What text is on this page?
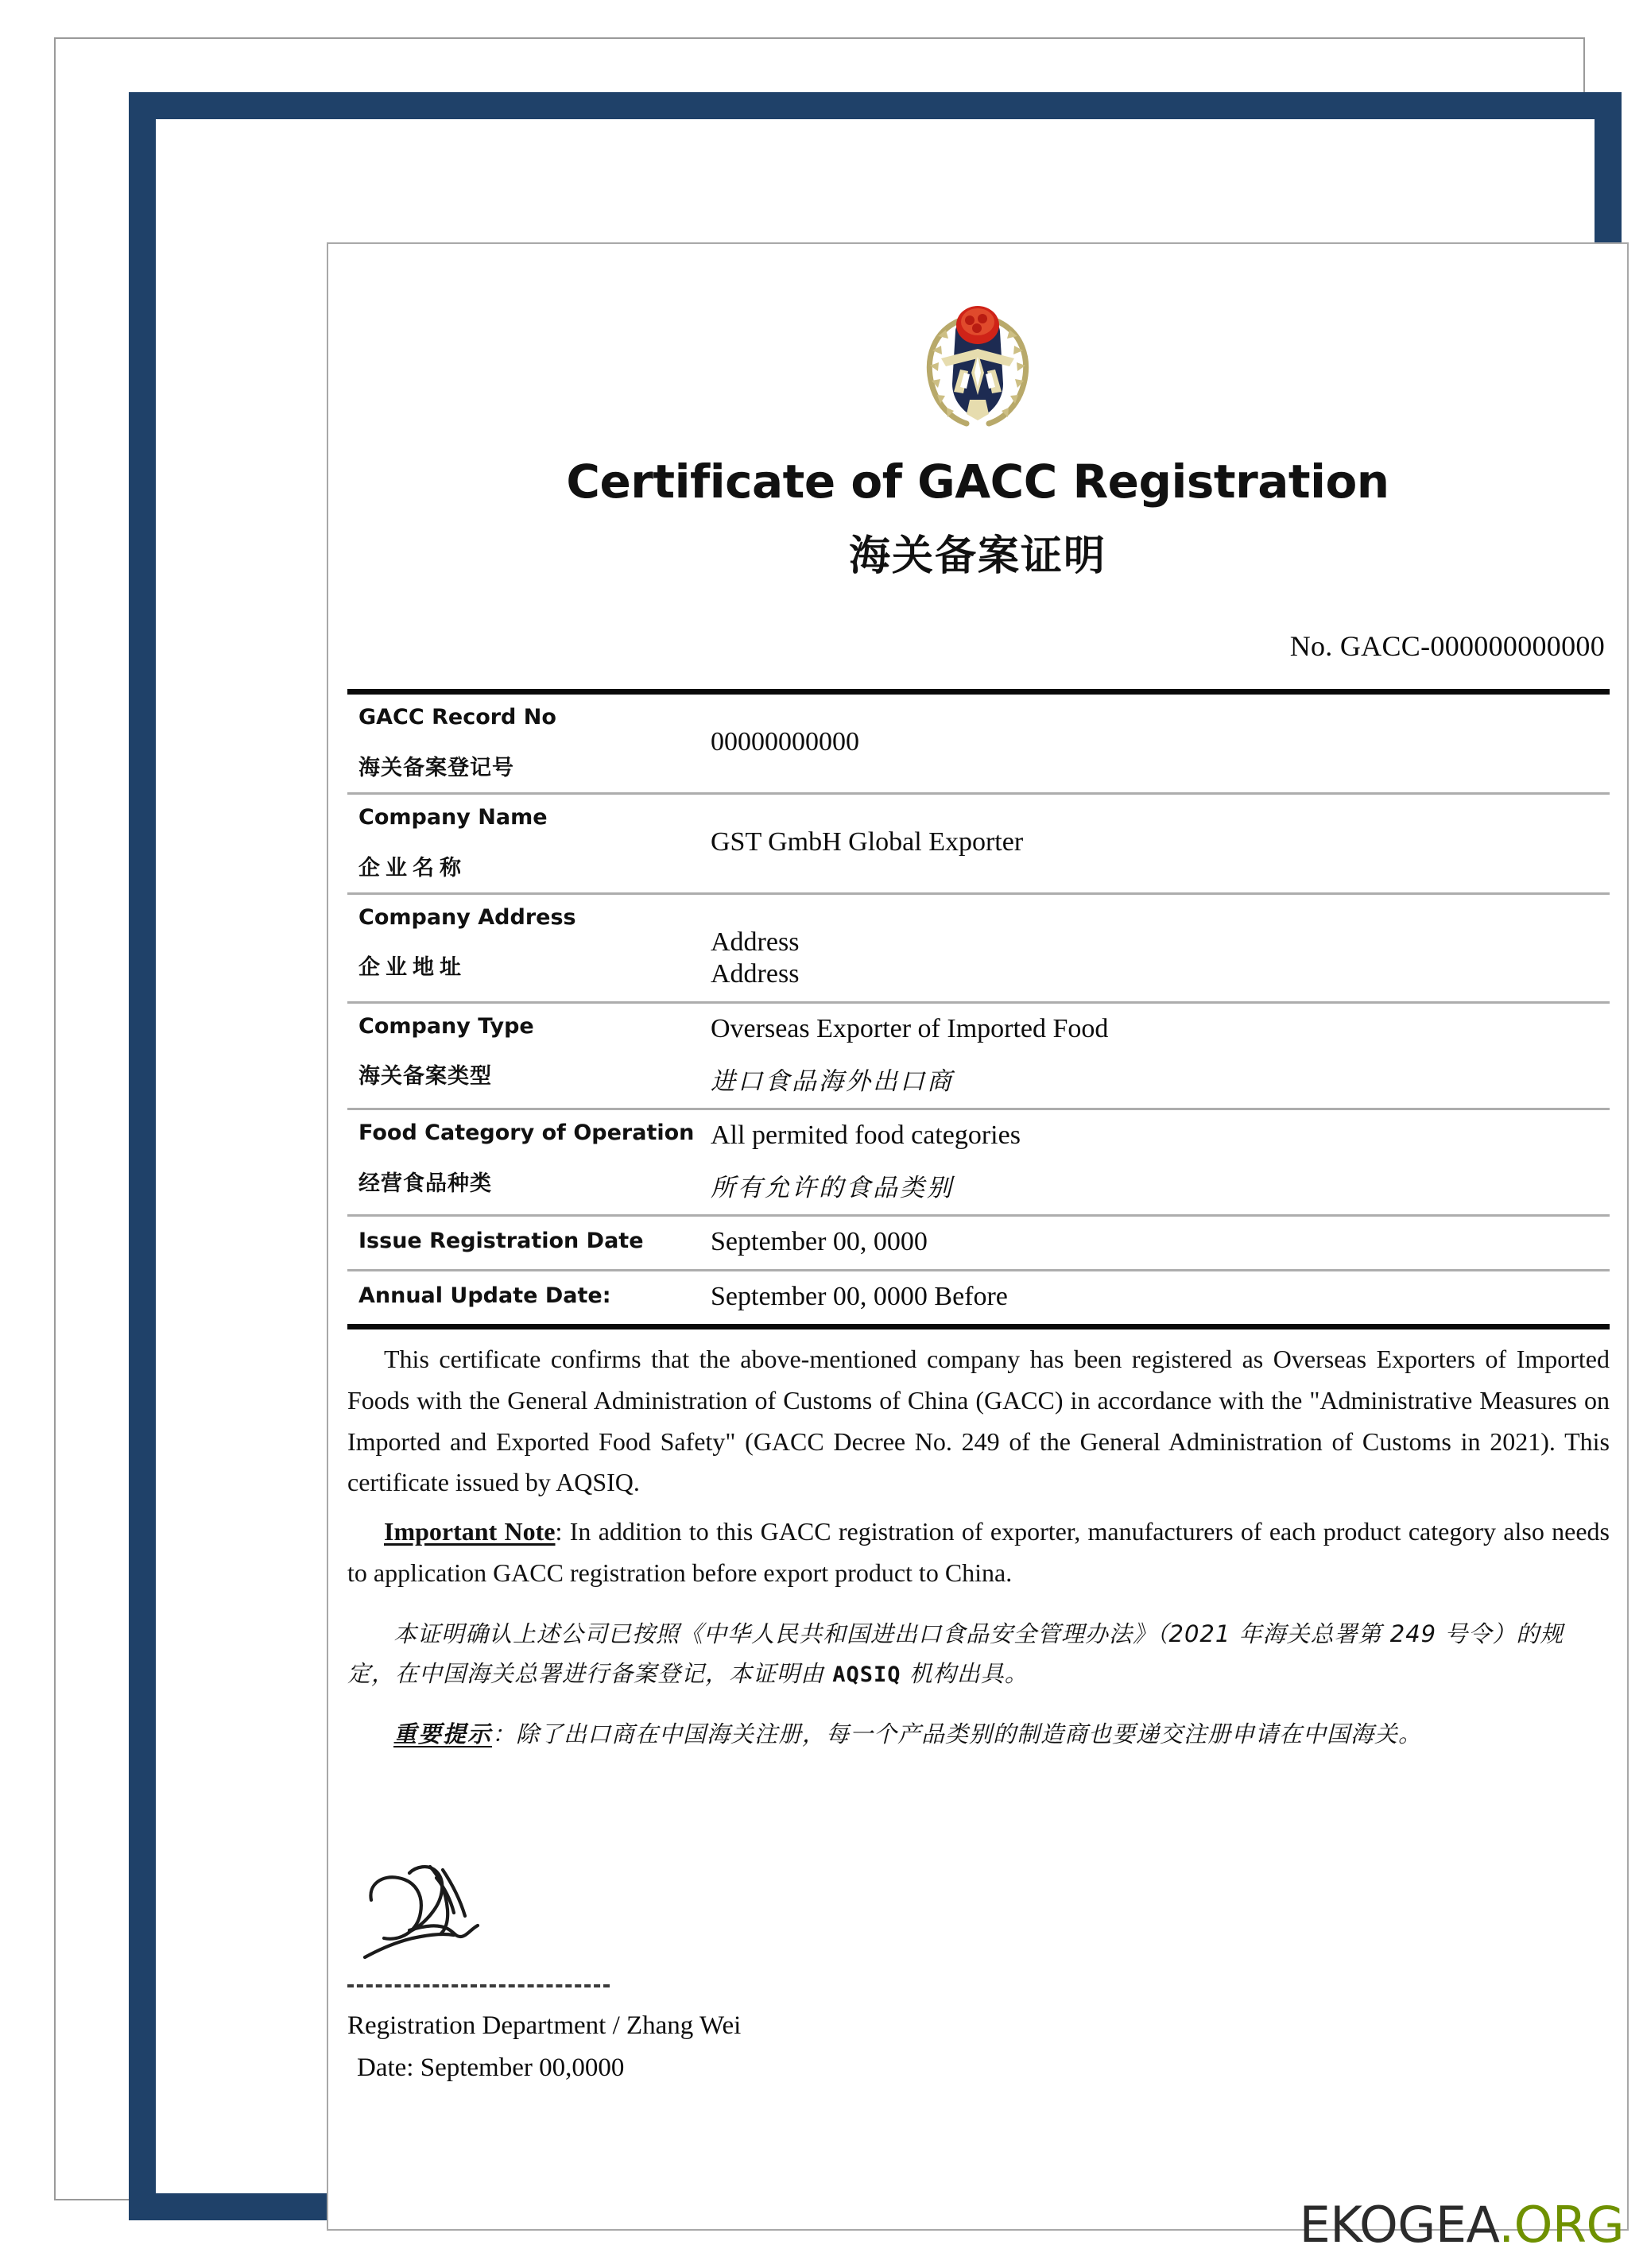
Certificate of GACC Registration
海关备案证明
No. GACC-000000000000
GACC Record No
海关备案登记号
00000000000
Company Name
企业名称
GST GmbH Global Exporter
Company Address
企业地址
Address
Address
Company Type
海关备案类型
Overseas Exporter of Imported Food
进口食品海外出口商
Food Category of Operation
经营食品种类
All permited food categories
所有允许的食品类别
Issue Registration Date	September 00, 0000
Annual Update Date:	September 00, 0000 Before

This certificate confirms that the above-mentioned company has been registered as Overseas Exporters of Imported Foods with the General Administration of Customs of China (GACC) in accordance with the "Administrative Measures on Imported and Exported Food Safety" (GACC Decree No. 249 of the General Administration of Customs in 2021). This certificate issued by AQSIQ.

Important Note: In addition to this GACC registration of exporter, manufacturers of each product category also needs to application GACC registration before export product to China.

本证明确认上述公司已按照《中华人民共和国进出口食品安全管理办法》（2021 年海关总署第 249 号令）的规定，在中国海关总署进行备案登记，本证明由 AQSIQ 机构出具。

重要提示：除了出口商在中国海关注册，每一个产品类别的制造商也要递交注册申请在中国海关。

Registration Department / Zhang Wei
Date: September 00,0000
EKOGEA.ORG
